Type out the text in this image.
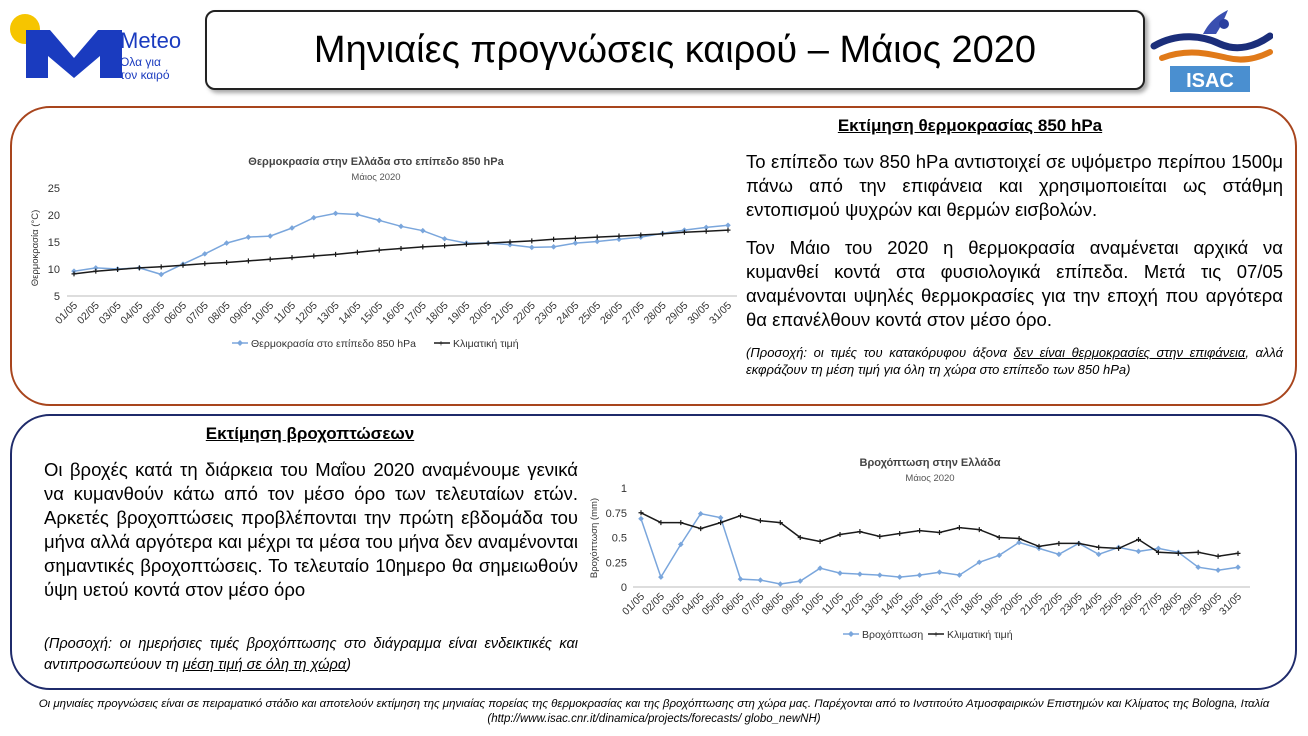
Meteo
Όλα για
τον καιρό
Μηνιαίες προγνώσεις καιρού – Μάιος 2020
ISAC
Θερμοκρασία στην Ελλάδα στο επίπεδο 850 hPa
Μάιος 2020
Θερμοκρασία (°C)
5
10
15
20
25
01/05
02/05
03/05
04/05
05/05
06/05
07/05
08/05
09/05
10/05
11/05
12/05
13/05
14/05
15/05
16/05
17/05
18/05
19/05
20/05
21/05
22/05
23/05
24/05
25/05
26/05
27/05
28/05
29/05
30/05
31/05
Θερμοκρασία στο επίπεδο 850 hPa + Κλιματική τιμή
Εκτίμηση θερμοκρασίας 850 hPa
Το επίπεδο των 850 hPa αντιστοιχεί σε υψόμετρο περίπου 1500μ πάνω από την επιφάνεια και χρησιμοποιείται ως στάθμη εντοπισμού ψυχρών και θερμών εισβολών.
Τον Μάιο του 2020 η θερμοκρασία αναμένεται αρχικά να κυμανθεί κοντά στα φυσιολογικά επίπεδα. Μετά τις 07/05 αναμένονται υψηλές θερμοκρασίες για την εποχή που αργότερα θα επανέλθουν κοντά στον μέσο όρο.
(Προσοχή: οι τιμές του κατακόρυφου άξονα δεν είναι θερμοκρασίες στην επιφάνεια, αλλά εκφράζουν τη μέση τιμή για όλη τη χώρα στο επίπεδο των 850 hPa)
Εκτίμηση βροχοπτώσεων
Οι βροχές κατά τη διάρκεια του Μαΐου 2020 αναμένουμε γενικά να κυμανθούν κάτω από τον μέσο όρο των τελευταίων ετών. Αρκετές βροχοπτώσεις προβλέπονται την πρώτη εβδομάδα του μήνα αλλά αργότερα και μέχρι τα μέσα του μήνα δεν αναμένονται σημαντικές βροχοπτώσεις. Το τελευταίο 10ημερο θα σημειωθούν ύψη υετού κοντά στον μέσο όρο
(Προσοχή: οι ημερήσιες τιμές βροχόπτωσης στο διάγραμμα είναι ενδεικτικές και αντιπροσωπεύουν τη μέση τιμή σε όλη τη χώρα)
Βροχόπτωση στην Ελλάδα
Μάιος 2020
Βροχόπτωση (mm)
0
0.25
0.5
0.75
1
01/05
02/05
03/05
04/05
05/05
06/05
07/05
08/05
09/05
10/05
11/05
12/05
13/05
14/05
15/05
16/05
17/05
18/05
19/05
20/05
21/05
22/05
23/05
24/05
25/05
26/05
27/05
28/05
29/05
30/05
31/05
Βροχόπτωση + Κλιματική τιμή
Οι μηνιαίες προγνώσεις είναι σε πειραματικό στάδιο και αποτελούν εκτίμηση της μηνιαίας πορείας της θερμοκρασίας και της βροχόπτωσης στη χώρα μας. Παρέχονται από το Ινστιτούτο Ατμοσφαιρικών Επιστημών και Κλίματος της Bologna, Ιταλία (http://www.isac.cnr.it/dinamica/projects/forecasts/ globo_newNH)
